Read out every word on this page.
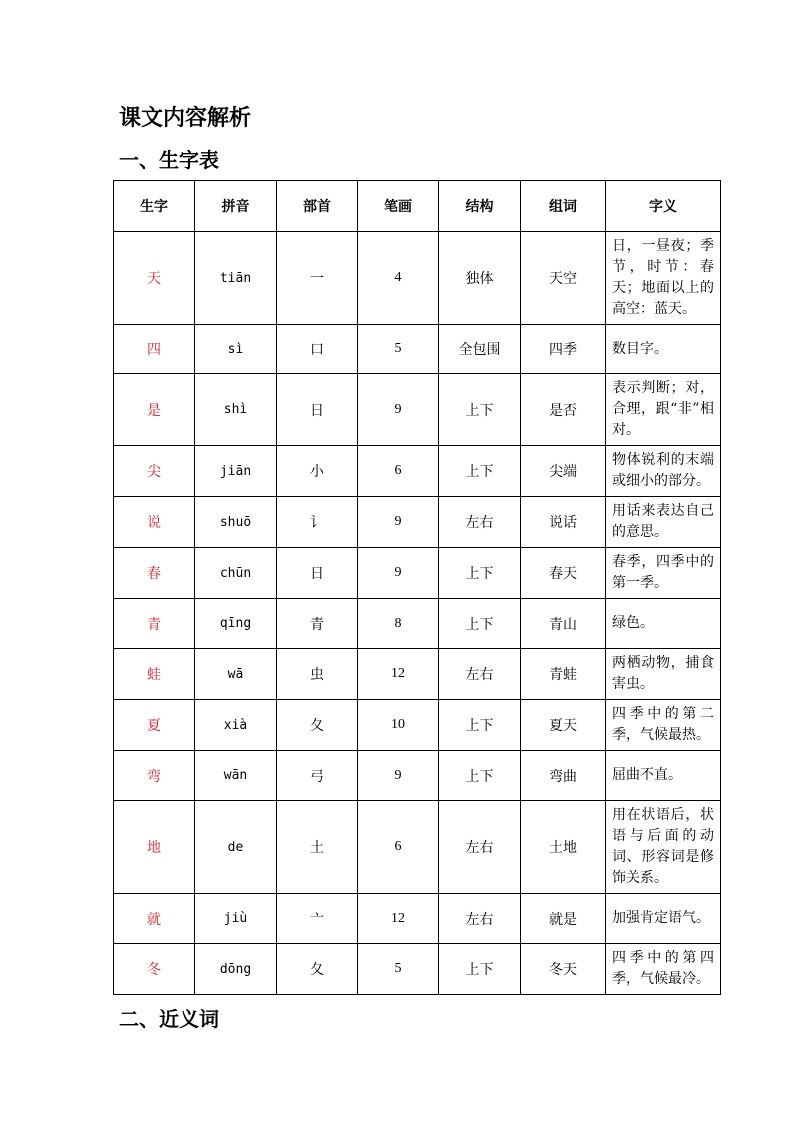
课文内容解析
一、生字表
生字	拼音	部首	笔画	结构	组词	字义
天	tiān	一	4	独体	天空	日，一昼夜；季节，时节：春天；地面以上的高空：蓝天。
四	sì	口	5	全包围	四季	数目字。
是	shì	日	9	上下	是否	表示判断；对，合理，跟“非”相对。
尖	jiān	小	6	上下	尖端	物体锐利的末端或细小的部分。
说	shuō	讠	9	左右	说话	用话来表达自己的意思。
春	chūn	日	9	上下	春天	春季，四季中的第一季。
青	qīng	青	8	上下	青山	绿色。
蛙	wā	虫	12	左右	青蛙	两栖动物，捕食害虫。
夏	xià	夂	10	上下	夏天	四季中的第二季，气候最热。
弯	wān	弓	9	上下	弯曲	屈曲不直。
地	de	土	6	左右	土地	用在状语后，状语与后面的动词、形容词是修饰关系。
就	jiù	亠	12	左右	就是	加强肯定语气。
冬	dōng	夂	5	上下	冬天	四季中的第四季，气候最冷。
二、近义词
